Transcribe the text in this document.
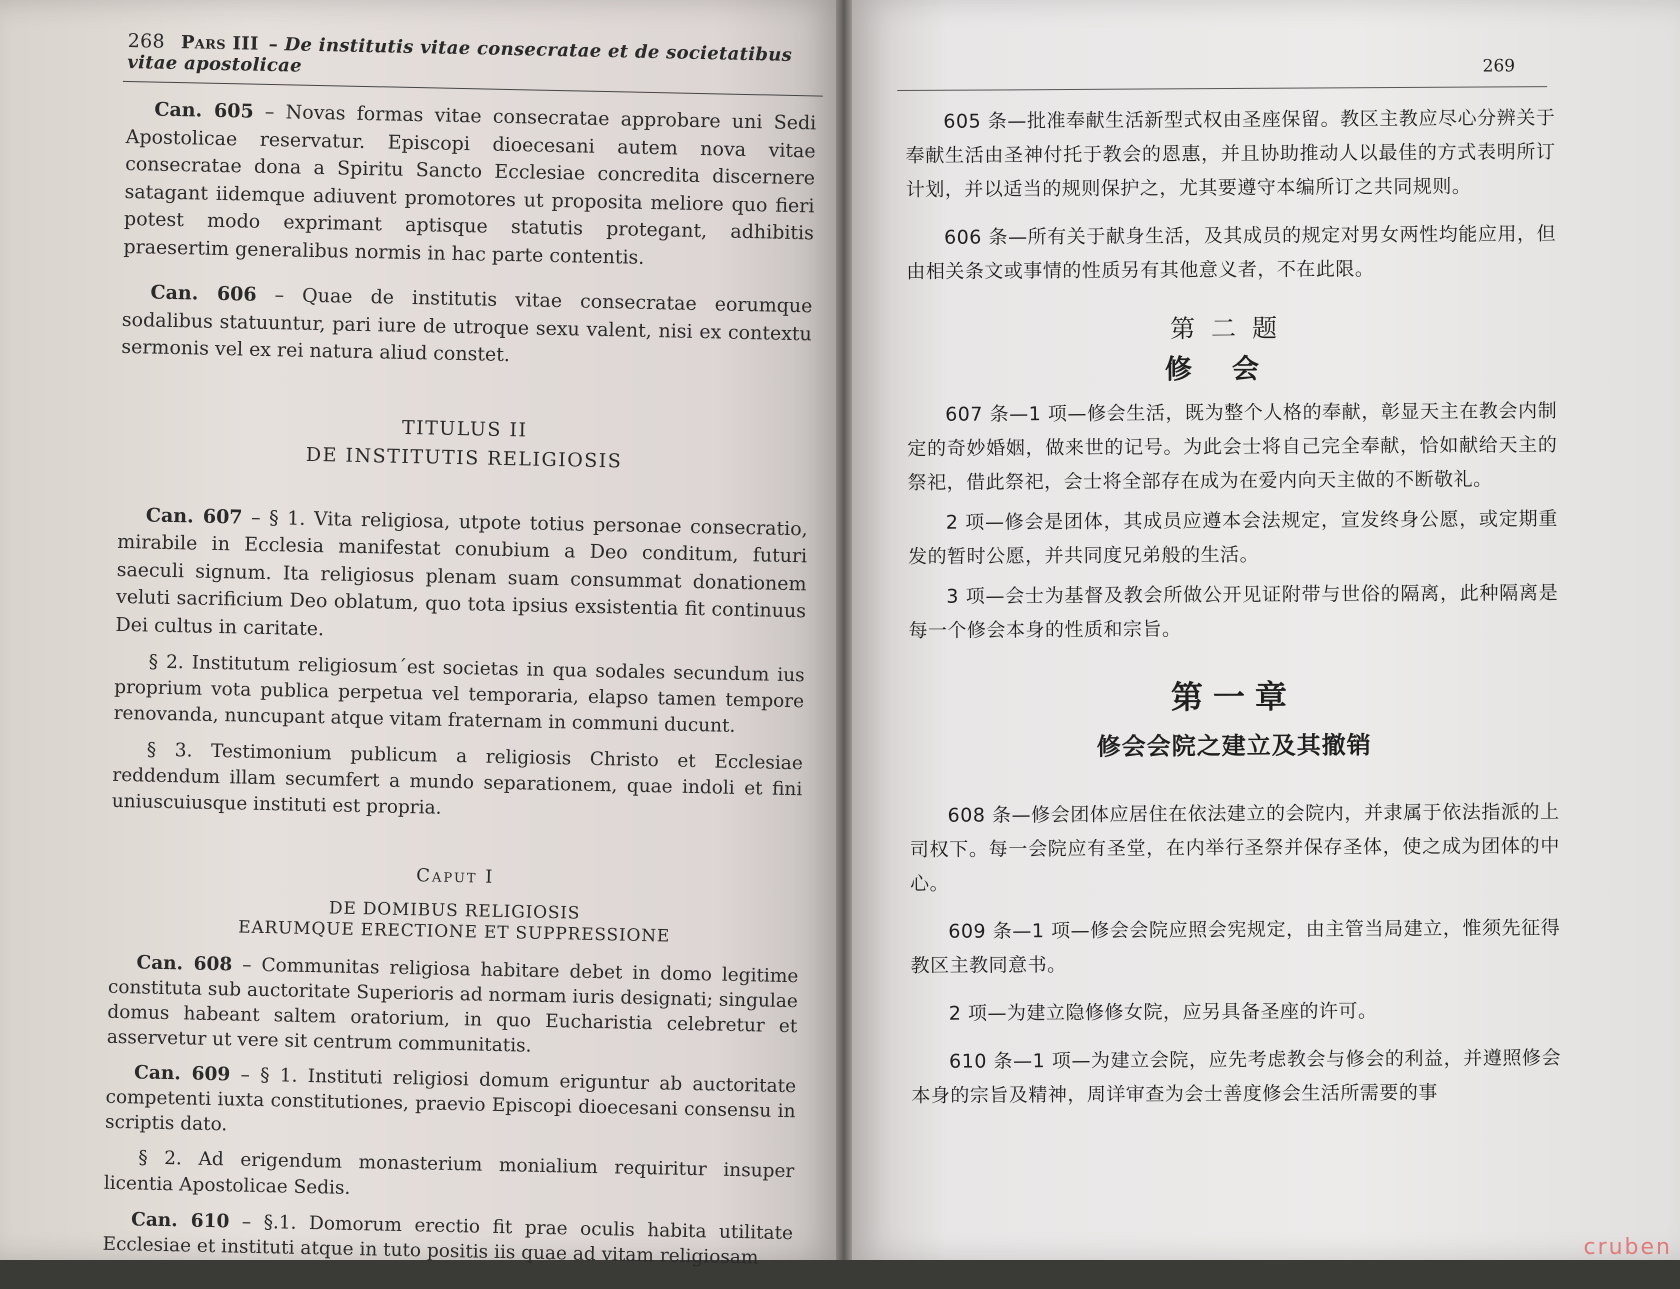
268 Pars III – De institutis vitae consecratae et de societatibus vitae apostolicae

Can. 605 – Novas formas vitae consecratae approbare uni Sedi Apostolicae reservatur. Episcopi dioecesani autem nova vitae consecratae dona a Spiritu Sancto Ecclesiae concredita discernere satagant iidemque adiuvent promotores ut proposita meliore quo fieri potest modo exprimant aptisque statutis protegant, adhibitis praesertim generalibus normis in hac parte contentis.

Can. 606 – Quae de institutis vitae consecratae eorumque sodalibus statuuntur, pari iure de utroque sexu valent, nisi ex contextu sermonis vel ex rei natura aliud constet.

TITULUS II
DE INSTITUTIS RELIGIOSIS

Can. 607 – § 1. Vita religiosa, utpote totius personae consecratio, mirabile in Ecclesia manifestat conubium a Deo conditum, futuri saeculi signum. Ita religiosus plenam suam consummat donationem veluti sacrificium Deo oblatum, quo tota ipsius exsistentia fit continuus Dei cultus in caritate.

§ 2. Institutum religiosum´est societas in qua sodales secundum ius proprium vota publica perpetua vel temporaria, elapso tamen tempore renovanda, nuncupant atque vitam fraternam in communi ducunt.

§ 3. Testimonium publicum a religiosis Christo et Ecclesiae reddendum illam secumfert a mundo separationem, quae indoli et fini uniuscuiusque instituti est propria.

Caput I
DE DOMIBUS RELIGIOSIS
EARUMQUE ERECTIONE ET SUPPRESSIONE

Can. 608 – Communitas religiosa habitare debet in domo legitime constituta sub auctoritate Superioris ad normam iuris designati; singulae domus habeant saltem oratorium, in quo Eucharistia celebretur et asservetur ut vere sit centrum communitatis.

Can. 609 – § 1. Instituti religiosi domum eriguntur ab auctoritate competenti iuxta constitutiones, praevio Episcopi dioecesani consensu in scriptis dato.

§ 2. Ad erigendum monasterium monialium requiritur insuper licentia Apostolicae Sedis.

Can. 610 – §.1. Domorum erectio fit prae oculis habita utilitate Ecclesiae et instituti atque in tuto positis iis quae ad vitam religiosam

269

605 条—批准奉献生活新型式权由圣座保留。教区主教应尽心分辨关于奉献生活由圣神付托于教会的恩惠，并且协助推动人以最佳的方式表明所订计划，并以适当的规则保护之，尤其要遵守本编所订之共同规则。

606 条—所有关于献身生活，及其成员的规定对男女两性均能应用，但由相关条文或事情的性质另有其他意义者，不在此限。

第二题
修会

607 条—1 项—修会生活，既为整个人格的奉献，彰显天主在教会内制定的奇妙婚姻，做来世的记号。为此会士将自己完全奉献，恰如献给天主的祭祀，借此祭祀，会士将全部存在成为在爱内向天主做的不断敬礼。

2 项—修会是团体，其成员应遵本会法规定，宣发终身公愿，或定期重发的暂时公愿，并共同度兄弟般的生活。

3 项—会士为基督及教会所做公开见证附带与世俗的隔离，此种隔离是每一个修会本身的性质和宗旨。

第一章
修会会院之建立及其撤销

608 条—修会团体应居住在依法建立的会院内，并隶属于依法指派的上司权下。每一会院应有圣堂，在内举行圣祭并保存圣体，使之成为团体的中心。

609 条—1 项—修会会院应照会宪规定，由主管当局建立，惟须先征得教区主教同意书。

2 项—为建立隐修修女院，应另具备圣座的许可。

610 条—1 项—为建立会院，应先考虑教会与修会的利益，并遵照修会本身的宗旨及精神，周详审查为会士善度修会生活所需要的事

cruben
